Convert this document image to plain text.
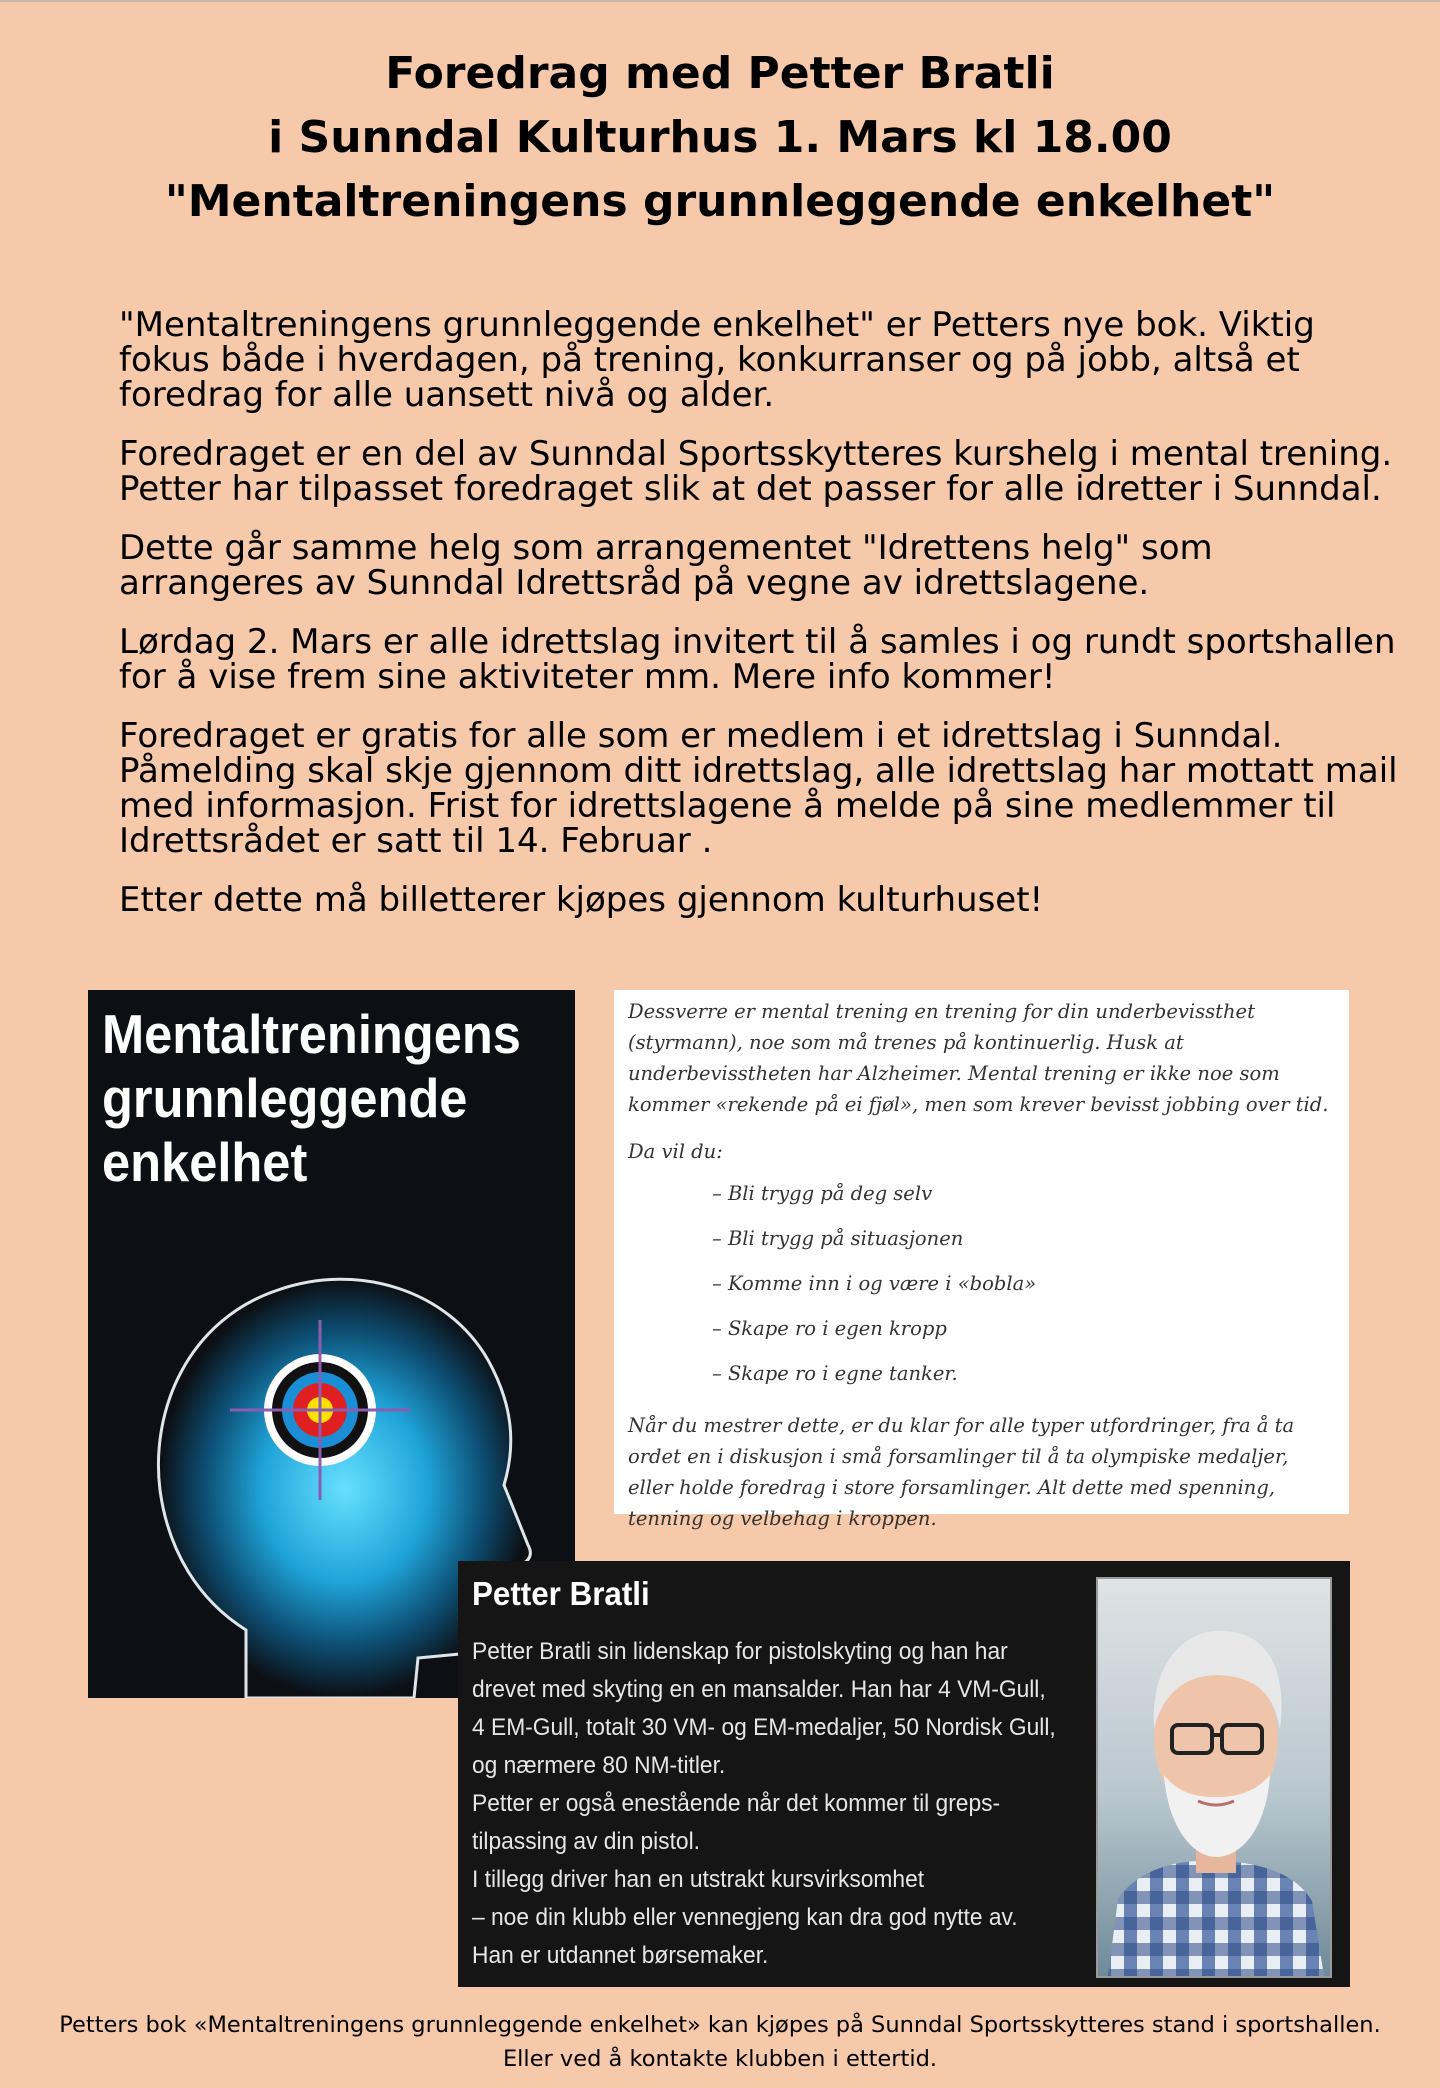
Foredrag med Petter Bratli
i Sunndal Kulturhus 1. Mars kl 18.00
"Mentaltreningens grunnleggende enkelhet"

"Mentaltreningens grunnleggende enkelhet" er Petters nye bok. Viktig fokus både i hverdagen, på trening, konkurranser og på jobb, altså et foredrag for alle uansett nivå og alder.

Foredraget er en del av Sunndal Sportsskytteres kurshelg i mental trening. Petter har tilpasset foredraget slik at det passer for alle idretter i Sunndal.

Dette går samme helg som arrangementet "Idrettens helg" som arrangeres av Sunndal Idrettsråd på vegne av idrettslagene.

Lørdag 2. Mars er alle idrettslag invitert til å samles i og rundt sportshallen for å vise frem sine aktiviteter mm. Mere info kommer!

Foredraget er gratis for alle som er medlem i et idrettslag i Sunndal. Påmelding skal skje gjennom ditt idrettslag, alle idrettslag har mottatt mail med informasjon. Frist for idrettslagene å melde på sine medlemmer til Idrettsrådet er satt til 14. Februar .

Etter dette må billetterer kjøpes gjennom kulturhuset!

Mentaltreningens
grunnleggende
enkelhet

Dessverre er mental trening en trening for din underbevissthet (styrmann), noe som må trenes på kontinuerlig. Husk at underbevisstheten har Alzheimer. Mental trening er ikke noe som kommer «rekende på ei fjøl», men som krever bevisst jobbing over tid.

Da vil du:

– Bli trygg på deg selv
– Bli trygg på situasjonen
– Komme inn i og være i «bobla»
– Skape ro i egen kropp
– Skape ro i egne tanker.

Når du mestrer dette, er du klar for alle typer utfordringer, fra å ta ordet en i diskusjon i små forsamlinger til å ta olympiske medaljer, eller holde foredrag i store forsamlinger. Alt dette med spenning, tenning og velbehag i kroppen.

Petter Bratli
Petter Bratli sin lidenskap for pistolskyting og han har
drevet med skyting en en mansalder. Han har 4 VM-Gull,
4 EM-Gull, totalt 30 VM- og EM-medaljer, 50 Nordisk Gull,
og nærmere 80 NM-titler.
Petter er også enestående når det kommer til greps-
tilpassing av din pistol.
I tillegg driver han en utstrakt kursvirksomhet
– noe din klubb eller vennegjeng kan dra god nytte av.
Han er utdannet børsemaker.
Petters bok «Mentaltreningens grunnleggende enkelhet» kan kjøpes på Sunndal Sportsskytteres stand i sportshallen.
Eller ved å kontakte klubben i ettertid.
